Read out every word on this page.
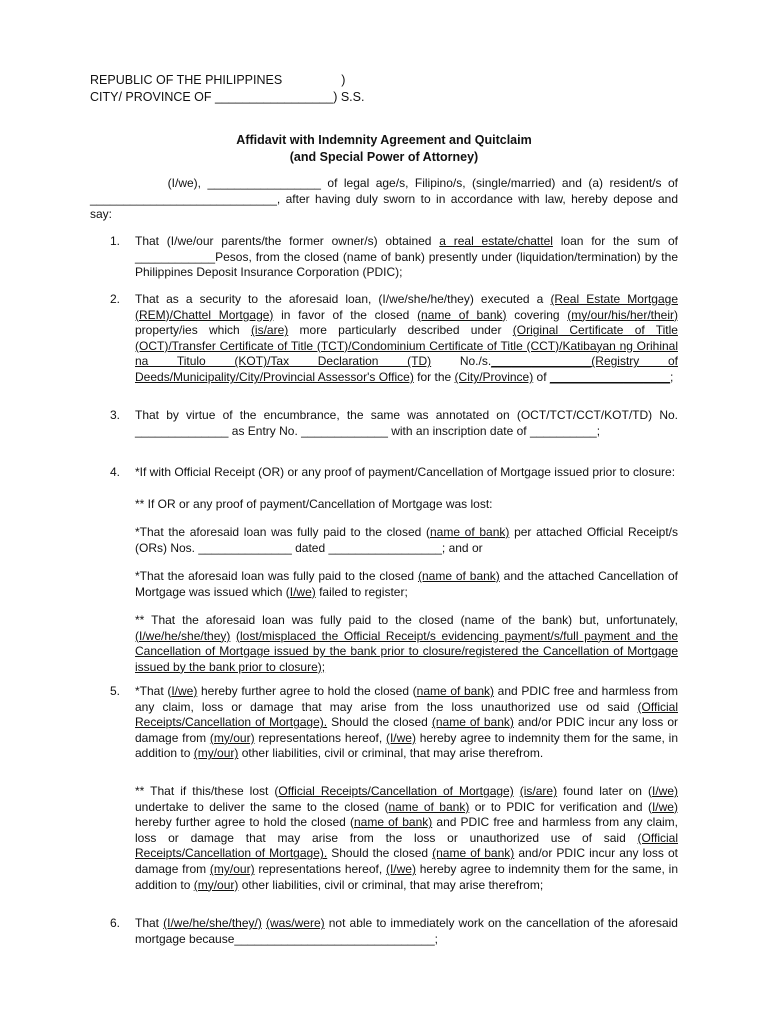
REPUBLIC OF THE PHILIPPINES                 )
CITY/ PROVINCE OF _________________) S.S.
Affidavit with Indemnity Agreement and Quitclaim
(and Special Power of Attorney)

(I/we), _________________ of legal age/s, Filipino/s, (single/married) and (a) resident/s of ____________________________, after having duly sworn to in accordance with law, hereby depose and say:

1.	That (I/we/our parents/the former owner/s) obtained a real estate/chattel loan for the sum of ____________Pesos, from the closed (name of bank) presently under (liquidation/termination) by the Philippines Deposit Insurance Corporation (PDIC);

2.	That as a security to the aforesaid loan, (I/we/she/he/they) executed a (Real Estate Mortgage (REM)/Chattel Mortgage) in favor of the closed (name of bank) covering (my/our/his/her/their) property/ies which (is/are) more particularly described under (Original Certificate of Title (OCT)/Transfer Certificate of Title (TCT)/Condominium Certificate of Title (CCT)/Katibayan ng Orihinal na Titulo (KOT)/Tax Declaration (TD) No./s._______________(Registry of Deeds/Municipality/City/Provincial Assessor's Office) for the (City/Province) of __________________;

3.	That by virtue of the encumbrance, the same was annotated on (OCT/TCT/CCT/KOT/TD) No. ______________ as Entry No. _____________ with an inscription date of __________;

4.	*If with Official Receipt (OR) or any proof of payment/Cancellation of Mortgage issued prior to closure:

** If OR or any proof of payment/Cancellation of Mortgage was lost:

*That the aforesaid loan was fully paid to the closed (name of bank) per attached Official Receipt/s (ORs) Nos. ______________ dated _________________; and or

*That the aforesaid loan was fully paid to the closed (name of bank) and the attached Cancellation of Mortgage was issued which (I/we) failed to register;

** That the aforesaid loan was fully paid to the closed (name of the bank) but, unfortunately, (I/we/he/she/they) (lost/misplaced the Official Receipt/s evidencing payment/s/full payment and the Cancellation of Mortgage issued by the bank prior to closure/registered the Cancellation of Mortgage issued by the bank prior to closure);

5.	*That (I/we) hereby further agree to hold the closed (name of bank) and PDIC free and harmless from any claim, loss or damage that may arise from the loss unauthorized use od said (Official Receipts/Cancellation of Mortgage). Should the closed (name of bank) and/or PDIC incur any loss or damage from (my/our) representations hereof, (I/we) hereby agree to indemnity them for the same, in addition to (my/our) other liabilities, civil or criminal, that may arise therefrom.

** That if this/these lost (Official Receipts/Cancellation of Mortgage) (is/are) found later on (I/we) undertake to deliver the same to the closed (name of bank) or to PDIC for verification and (I/we) hereby further agree to hold the closed (name of bank) and PDIC free and harmless from any claim, loss or damage that may arise from the loss or unauthorized use of said (Official Receipts/Cancellation of Mortgage). Should the closed (name of bank) and/or PDIC incur any loss ot damage from (my/our) representations hereof, (I/we) hereby agree to indemnity them for the same, in addition to (my/our) other liabilities, civil or criminal, that may arise therefrom;

6.	That (I/we/he/she/they/) (was/were) not able to immediately work on the cancellation of the aforesaid mortgage because______________________________;
